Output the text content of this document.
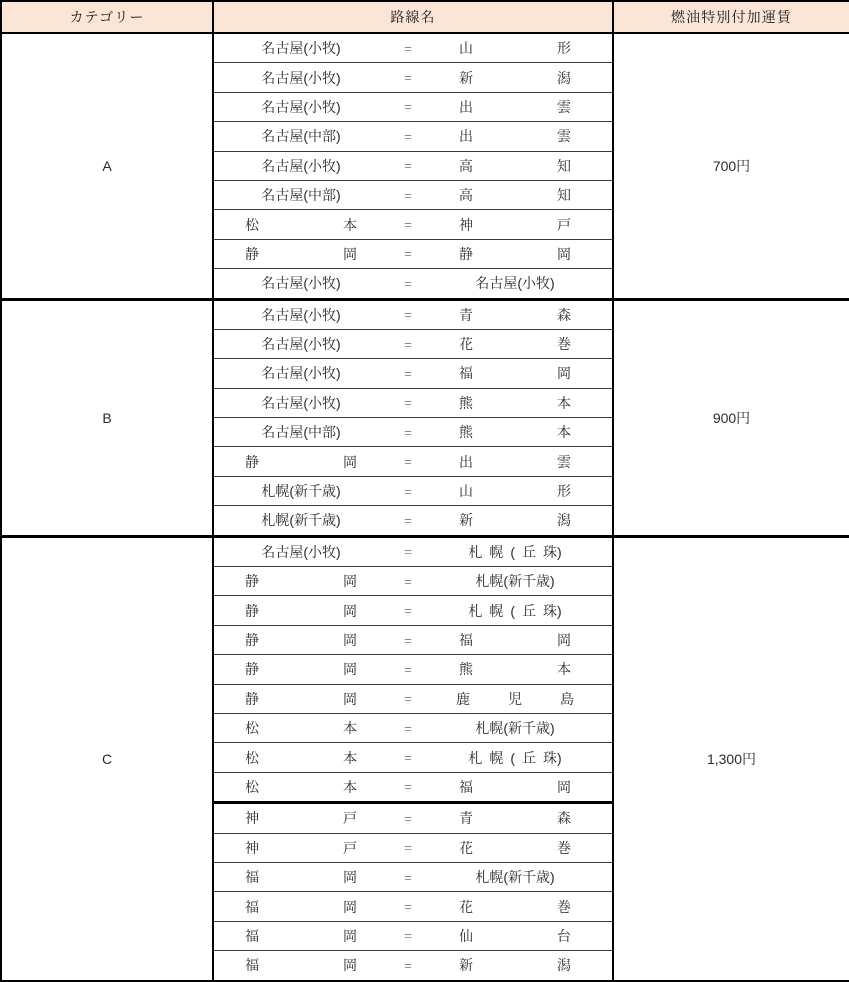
カテゴリー	路線名	燃油特別付加運賃
A	名古屋(小牧) = 山形	700円

	名古屋(小牧) = 新潟	

	名古屋(小牧) = 出雲	

	名古屋(中部) = 出雲	

	名古屋(小牧) = 高知	

	名古屋(中部) = 高知	

	松本 = 神戸	

	静岡 = 静岡	

	名古屋(小牧) = 名古屋(小牧)	

B	名古屋(小牧) = 青森	900円

	名古屋(小牧) = 花巻	

	名古屋(小牧) = 福岡	

	名古屋(小牧) = 熊本	

	名古屋(中部) = 熊本	

	静岡 = 出雲	

	札幌(新千歳) = 山形	

	札幌(新千歳) = 新潟	

C	名古屋(小牧) = 札幌(丘珠)	1,300円

	静岡 = 札幌(新千歳)	

	静岡 = 札幌(丘珠)	

	静岡 = 福岡	

	静岡 = 熊本	

	静岡 = 鹿児島	

	松本 = 札幌(新千歳)	

	松本 = 札幌(丘珠)	

	松本 = 福岡	

	神戸 = 青森	

	神戸 = 花巻	

	福岡 = 札幌(新千歳)	

	福岡 = 花巻	

	福岡 = 仙台	

	福岡 = 新潟	
